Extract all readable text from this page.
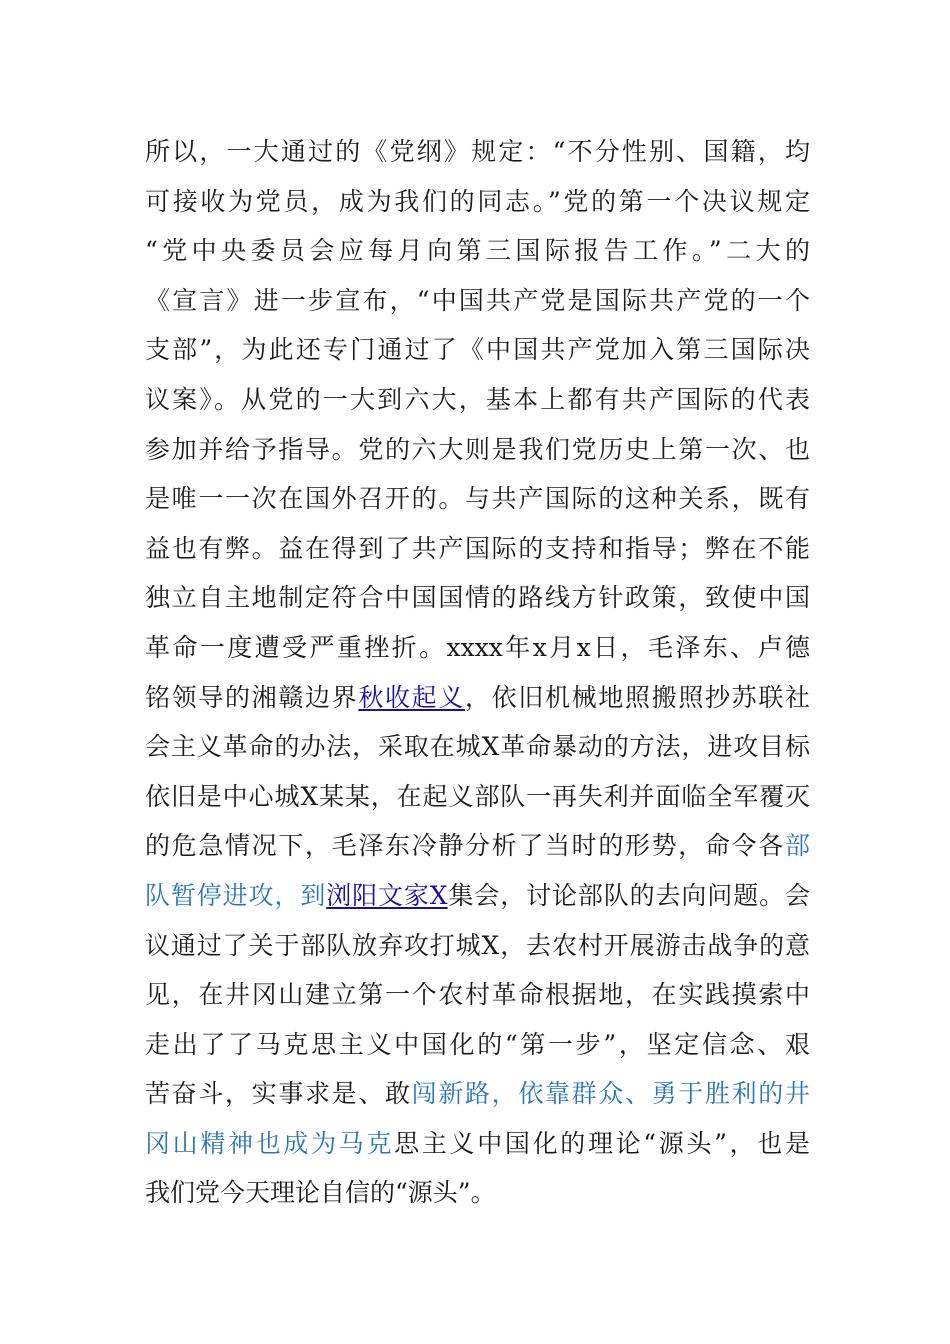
所以，一大通过的《党纲》规定：“不分性别、国籍，均
可接收为党员，成为我们的同志。”党的第一个决议规定
“党中央委员会应每月向第三国际报告工作。”二大的
《宣言》进一步宣布，“中国共产党是国际共产党的一个
支部”，为此还专门通过了《中国共产党加入第三国际决
议案》。从党的一大到六大，基本上都有共产国际的代表
参加并给予指导。党的六大则是我们党历史上第一次、也
是唯一一次在国外召开的。与共产国际的这种关系，既有
益也有弊。益在得到了共产国际的支持和指导；弊在不能
独立自主地制定符合中国国情的路线方针政策，致使中国
革命一度遭受严重挫折。xxxx年x月x日，毛泽东、卢德
铭领导的湘赣边界秋收起义，依旧机械地照搬照抄苏联社
会主义革命的办法，采取在城X革命暴动的方法，进攻目标
依旧是中心城X某某，在起义部队一再失利并面临全军覆灭
的危急情况下，毛泽东冷静分析了当时的形势，命令各部
队暂停进攻，到浏阳文家X集会，讨论部队的去向问题。会
议通过了关于部队放弃攻打城X，去农村开展游击战争的意
见，在井冈山建立第一个农村革命根据地，在实践摸索中
走出了了马克思主义中国化的“第一步”，坚定信念、艰
苦奋斗，实事求是、敢闯新路，依靠群众、勇于胜利的井
冈山精神也成为马克思主义中国化的理论“源头”，也是
我们党今天理论自信的“源头”。
